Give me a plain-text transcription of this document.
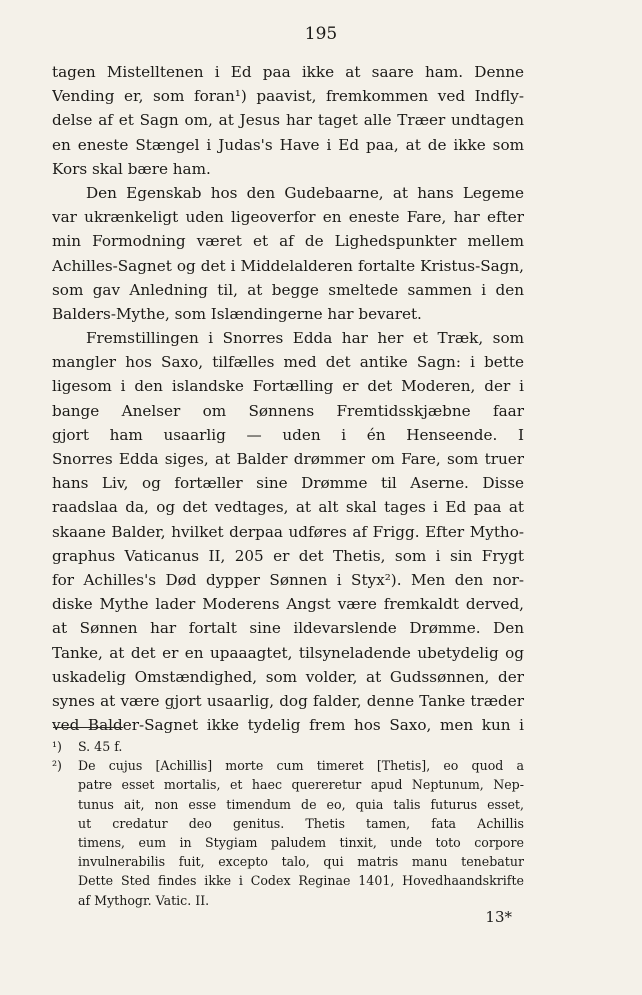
195
tagen Mistelltenen i Ed paa ikke at saare ham. Denne
Vending er, som foran¹) paavist, fremkommen ved Indfly-
delse af et Sagn om, at Jesus har taget alle Træer undtagen
en eneste Stængel i Judas's Have i Ed paa, at de ikke som
Kors skal bære ham.
Den Egenskab hos den Gudebaarne, at hans Legeme
var ukrænkeligt uden ligeoverfor en eneste Fare, har efter
min Formodning været et af de Lighedspunkter mellem
Achilles-Sagnet og det i Middelalderen fortalte Kristus-Sagn,
som gav Anledning til, at begge smeltede sammen i den
Balders-Mythe, som Islændingerne har bevaret.
Fremstillingen i Snorres Edda har her et Træk, som
mangler hos Saxo, tilfælles med det antike Sagn: i bette
ligesom i den islandske Fortælling er det Moderen, der i
bange Anelser om Sønnens Fremtidsskjæbne faar
gjort ham usaarlig — uden i én Henseende. I
Snorres Edda siges, at Balder drømmer om Fare, som truer
hans Liv, og fortæller sine Drømme til Aserne. Disse
raadslaa da, og det vedtages, at alt skal tages i Ed paa at
skaane Balder, hvilket derpaa udføres af Frigg. Efter Mytho-
graphus Vaticanus II, 205 er det Thetis, som i sin Frygt
for Achilles's Død dypper Sønnen i Styx²). Men den nor-
diske Mythe lader Moderens Angst være fremkaldt derved,
at Sønnen har fortalt sine ildevarslende Drømme. Den
Tanke, at det er en upaaagtet, tilsyneladende ubetydelig og
uskadelig Omstændighed, som volder, at Gudssønnen, der
synes at være gjort usaarlig, dog falder, denne Tanke træder
ved Balder-Sagnet ikke tydelig frem hos Saxo, men kun i
¹) S. 45 f.
²) De cujus [Achillis] morte cum timeret [Thetis], eo quod a
patre esset mortalis, et haec quereretur apud Neptunum, Nep-
tunus ait, non esse timendum de eo, quia talis futurus esset,
ut credatur deo genitus. Thetis tamen, fata Achillis
timens, eum in Stygiam paludem tinxit, unde toto corpore
invulnerabilis fuit, excepto talo, qui matris manu tenebatur
Dette Sted findes ikke i Codex Reginae 1401, Hovedhaandskrifte
af Mythogr. Vatic. II.
13*
